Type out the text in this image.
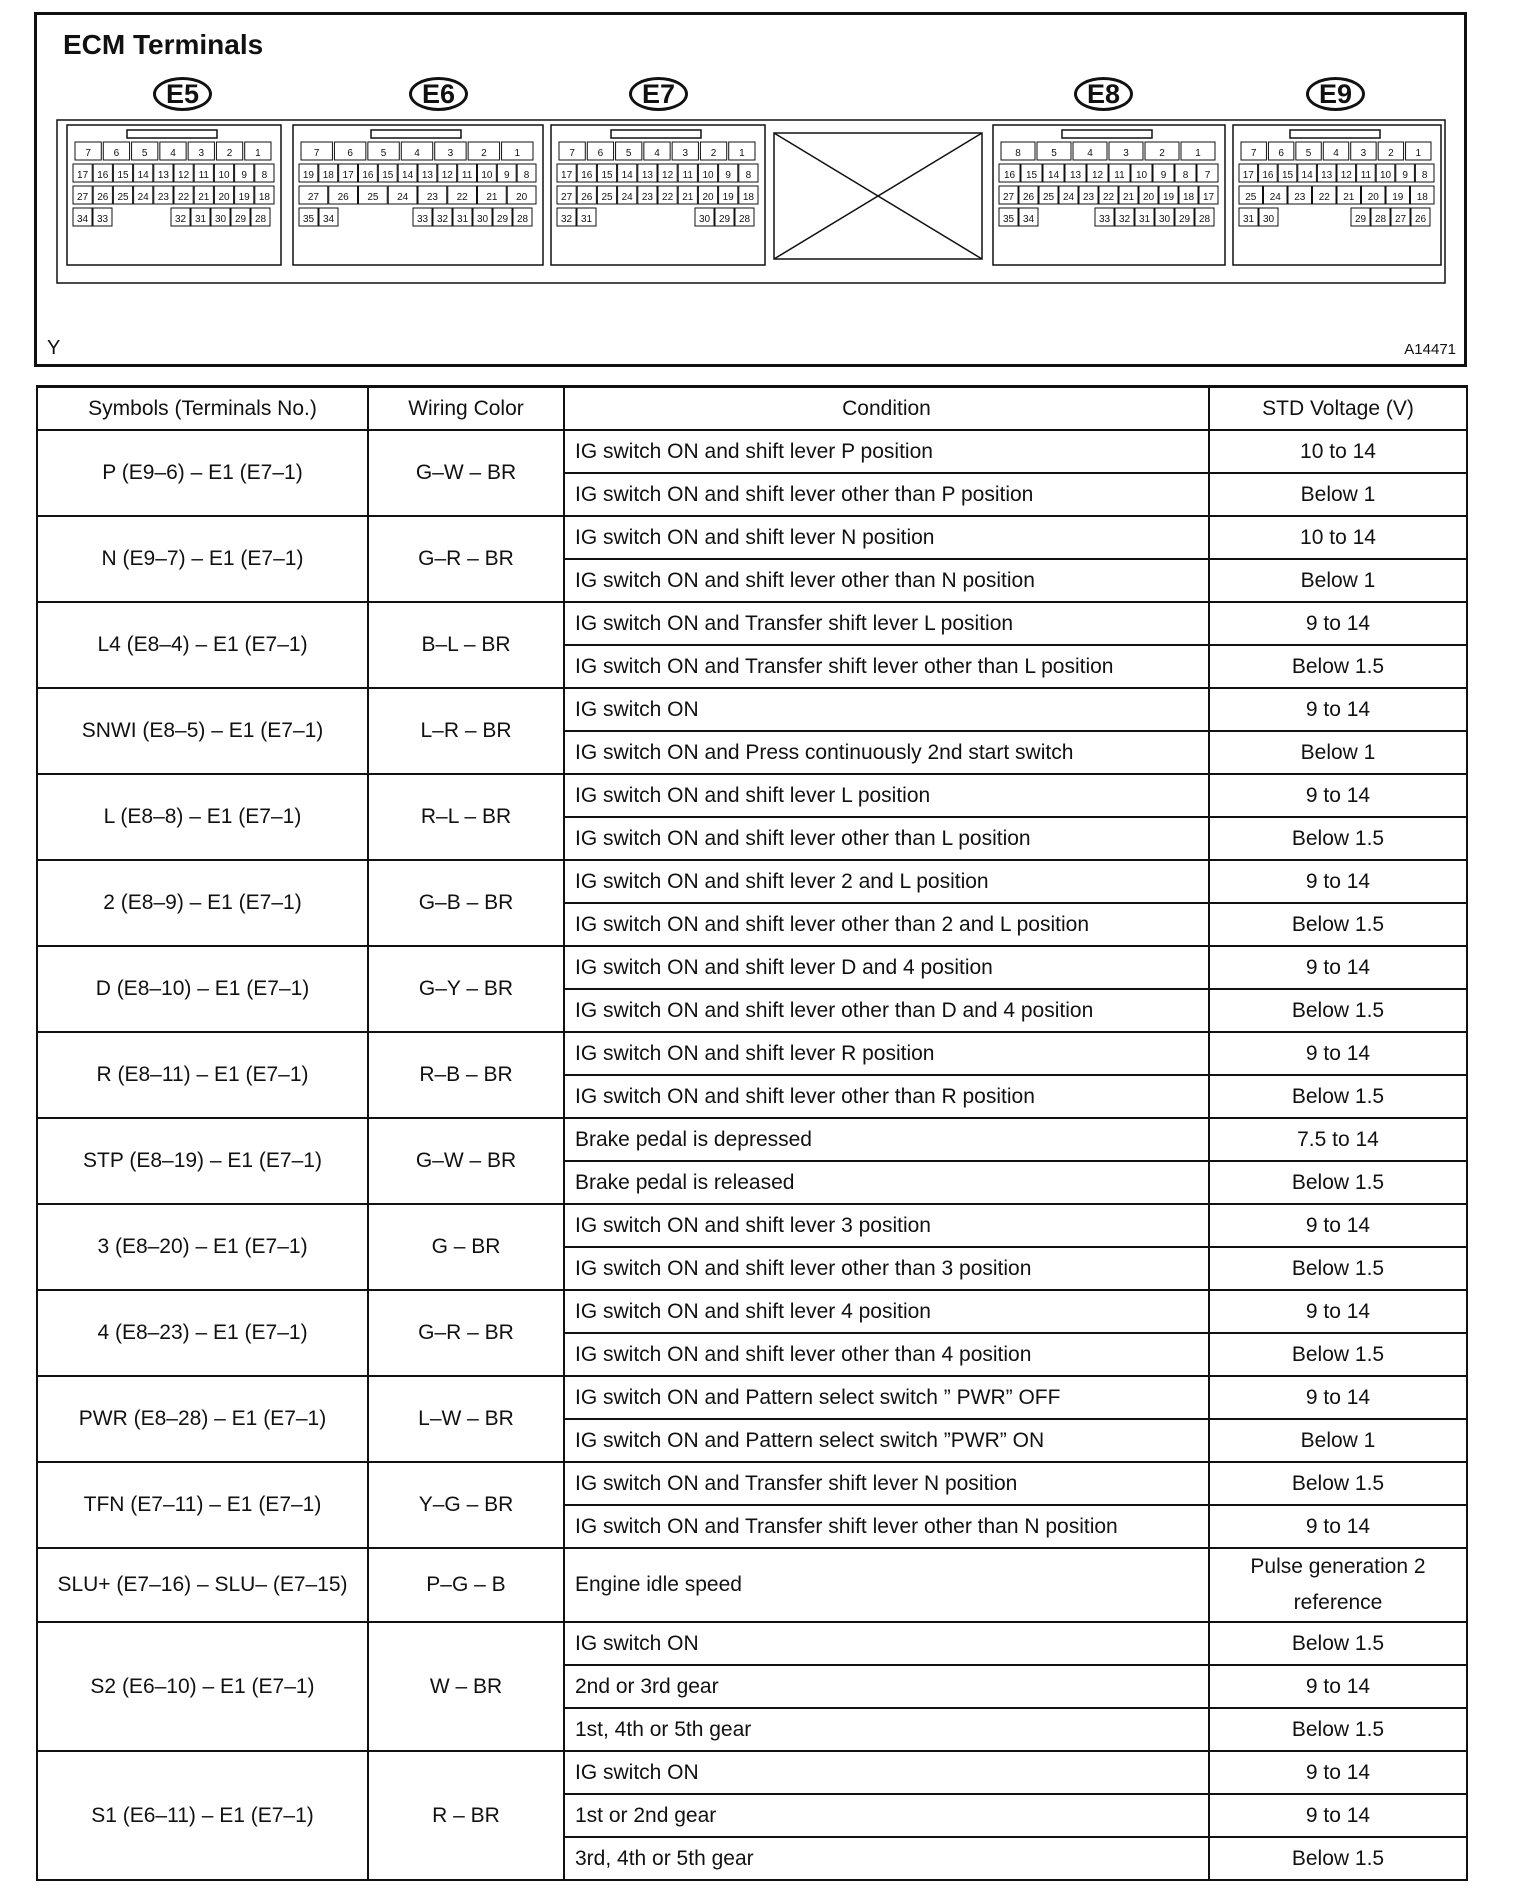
7 6 5 4 3 2 1
17 16 15 14 13 12 11 10 9 8
27 26 25 24 23 22 21 20 19 18
34 33	32 31 30 29 28
7	6	5	4	3	2	1
19 18 17 16 15 14 13 12 11 10 9 8
27 26 25 24 23 22 21 20
35 34	33 32 31 30 29 28
7 6 5 4 3 2 1
17 16 15 14 13 12 11 10 9 8
27 26 25 24 23 22 21 20 19 18
32 31	30 29 28
8	5	4	3	2	1
16 15 14 13 12 11 10 9 8 7
27 26 25 24 23 22 21 20 19 18 17
35 34	33 32 31 30 29 28
7 6 5 4 3 2 1
17 16 15 14 13 12 11 10 9 8
25 24 23 22 21 20 19 18
31 30	29 28 27 26
ECM Terminals
E5	E6	E7	E8	E9
Y	A14471
Symbols (Terminals No.)	Wiring Color	Condition	STD Voltage (V)
P (E9–6) – E1 (E7–1)	G–W – BR	IG switch ON and shift lever P position	10 to 14
		IG switch ON and shift lever other than P position	Below 1
N (E9–7) – E1 (E7–1)	G–R – BR	IG switch ON and shift lever N position	10 to 14
		IG switch ON and shift lever other than N position	Below 1
L4 (E8–4) – E1 (E7–1)	B–L – BR	IG switch ON and Transfer shift lever L position	9 to 14
		IG switch ON and Transfer shift lever other than L position	Below 1.5
SNWI (E8–5) – E1 (E7–1)	L–R – BR	IG switch ON	9 to 14
		IG switch ON and Press continuously 2nd start switch	Below 1
L (E8–8) – E1 (E7–1)	R–L – BR	IG switch ON and shift lever L position	9 to 14
		IG switch ON and shift lever other than L position	Below 1.5
2 (E8–9) – E1 (E7–1)	G–B – BR	IG switch ON and shift lever 2 and L position	9 to 14
		IG switch ON and shift lever other than 2 and L position	Below 1.5
D (E8–10) – E1 (E7–1)	G–Y – BR	IG switch ON and shift lever D and 4 position	9 to 14
		IG switch ON and shift lever other than D and 4 position	Below 1.5
R (E8–11) – E1 (E7–1)	R–B – BR	IG switch ON and shift lever R position	9 to 14
		IG switch ON and shift lever other than R position	Below 1.5
STP (E8–19) – E1 (E7–1)	G–W – BR	Brake pedal is depressed	7.5 to 14
		Brake pedal is released	Below 1.5
3 (E8–20) – E1 (E7–1)	G – BR	IG switch ON and shift lever 3 position	9 to 14
		IG switch ON and shift lever other than 3 position	Below 1.5
4 (E8–23) – E1 (E7–1)	G–R – BR	IG switch ON and shift lever 4 position	9 to 14
		IG switch ON and shift lever other than 4 position	Below 1.5
PWR (E8–28) – E1 (E7–1)	L–W – BR	IG switch ON and Pattern select switch ” PWR” OFF	9 to 14
		IG switch ON and Pattern select switch ”PWR” ON	Below 1
TFN (E7–11) – E1 (E7–1)	Y–G – BR	IG switch ON and Transfer shift lever N position	Below 1.5
		IG switch ON and Transfer shift lever other than N position	9 to 14
SLU+ (E7–16) – SLU– (E7–15)	P–G – B	Engine idle speed	Pulse generation 2 reference
S2 (E6–10) – E1 (E7–1)	W – BR	IG switch ON	Below 1.5
		2nd or 3rd gear	9 to 14
		1st, 4th or 5th gear	Below 1.5
S1 (E6–11) – E1 (E7–1)	R – BR	IG switch ON	9 to 14
		1st or 2nd gear	9 to 14
		3rd, 4th or 5th gear	Below 1.5
